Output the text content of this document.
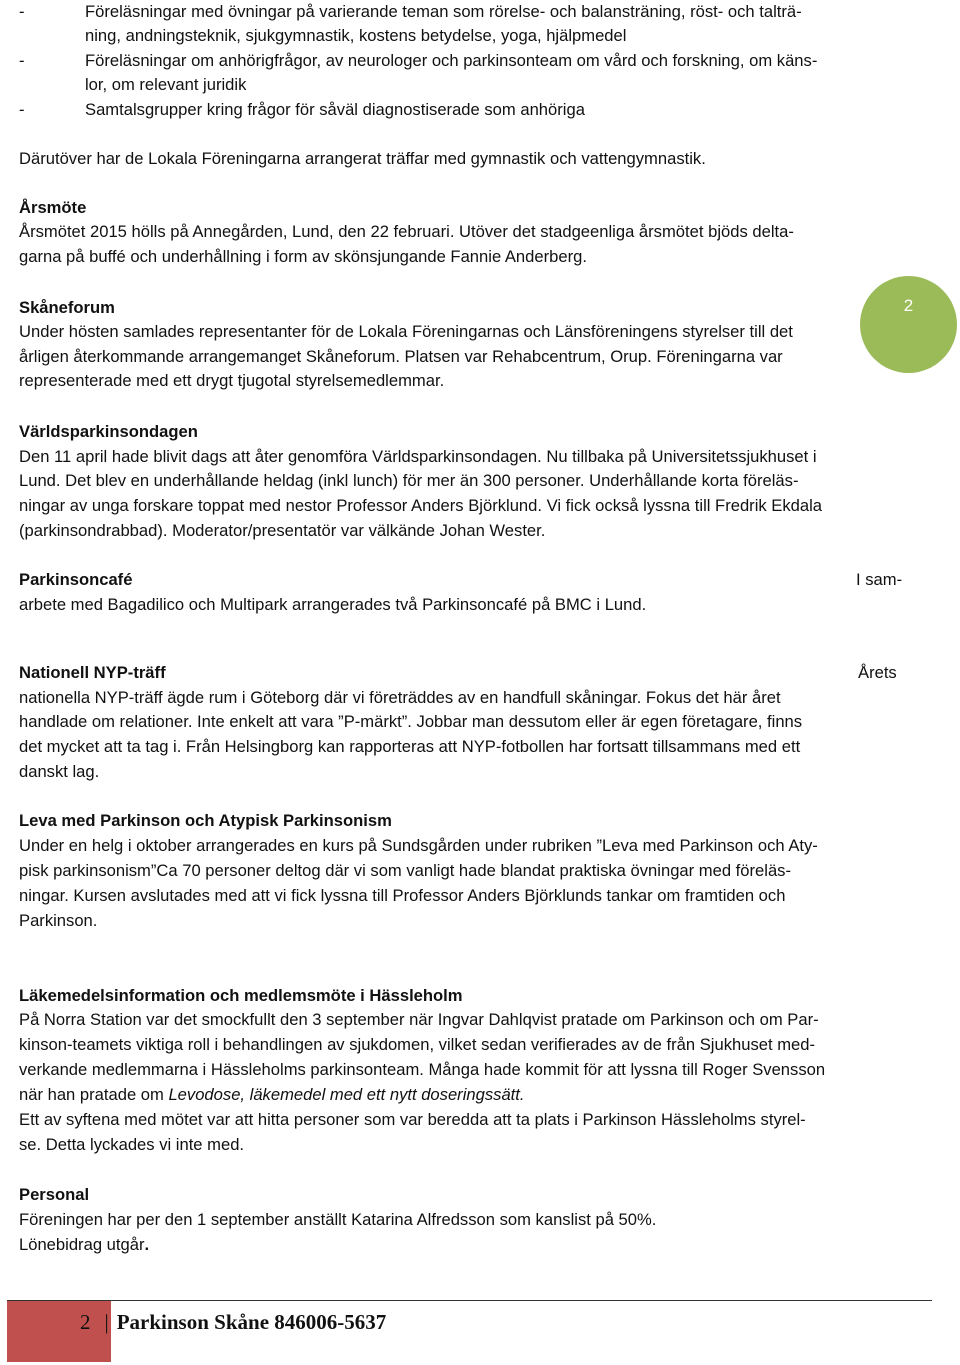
-	Föreläsningar med övningar på varierande teman som rörelse- och balansträning, röst- och talträ-
ning, andningsteknik, sjukgymnastik, kostens betydelse, yoga, hjälpmedel
-	Föreläsningar om anhörigfrågor, av neurologer och parkinsonteam om vård och forskning, om käns-
lor, om relevant juridik
-	Samtalsgrupper kring frågor för såväl diagnostiserade som anhöriga
Därutöver har de Lokala Föreningarna arrangerat träffar med gymnastik och vattengymnastik.
Årsmöte
Årsmötet 2015 hölls på Annegården, Lund, den 22 februari. Utöver det stadgeenliga årsmötet bjöds delta-
garna på buffé och underhållning i form av skönsjungande Fannie Anderberg.
Skåneforum
Under hösten samlades representanter för de Lokala Föreningarnas och Länsföreningens styrelser till det
årligen återkommande arrangemanget Skåneforum. Platsen var Rehabcentrum, Orup. Föreningarna var
representerade med ett drygt tjugotal styrelsemedlemmar.
2
Världsparkinsondagen
Den 11 april hade blivit dags att åter genomföra Världsparkinsondagen. Nu tillbaka på Universitetssjukhuset i
Lund. Det blev en underhållande heldag (inkl lunch) för mer än 300 personer. Underhållande korta föreläs-
ningar av unga forskare toppat med nestor Professor Anders Björklund. Vi fick också lyssna till Fredrik Ekdala
(parkinsondrabbad). Moderator/presentatör var välkände Johan Wester.
Parkinsoncafé	I sam-
arbete med Bagadilico och Multipark arrangerades två Parkinsoncafé på BMC i Lund.
Nationell NYP-träff	Årets
nationella NYP-träff ägde rum i Göteborg där vi företräddes av en handfull skåningar. Fokus det här året
handlade om relationer. Inte enkelt att vara ”P-märkt”. Jobbar man dessutom eller är egen företagare, finns
det mycket att ta tag i. Från Helsingborg kan rapporteras att NYP-fotbollen har fortsatt tillsammans med ett
danskt lag.
Leva med Parkinson och Atypisk Parkinsonism
Under en helg i oktober arrangerades en kurs på Sundsgården under rubriken ”Leva med Parkinson och Aty-
pisk parkinsonism”Ca 70 personer deltog där vi som vanligt hade blandat praktiska övningar med föreläs-
ningar. Kursen avslutades med att vi fick lyssna till Professor Anders Björklunds tankar om framtiden och
Parkinson.
Läkemedelsinformation och medlemsmöte i Hässleholm
På Norra Station var det smockfullt den 3 september när Ingvar Dahlqvist pratade om Parkinson och om Par-
kinson-teamets viktiga roll i behandlingen av sjukdomen, vilket sedan verifierades av de från Sjukhuset med-
verkande medlemmarna i Hässleholms parkinsonteam. Många hade kommit för att lyssna till Roger Svensson
när han pratade om Levodose, läkemedel med ett nytt doseringssätt.
Ett av syftena med mötet var att hitta personer som var beredda att ta plats i Parkinson Hässleholms styrel-
se. Detta lyckades vi inte med.
Personal
Föreningen har per den 1 september anställt Katarina Alfredsson som kanslist på 50%.
Lönebidrag utgår.
2 | Parkinson Skåne 846006-5637
